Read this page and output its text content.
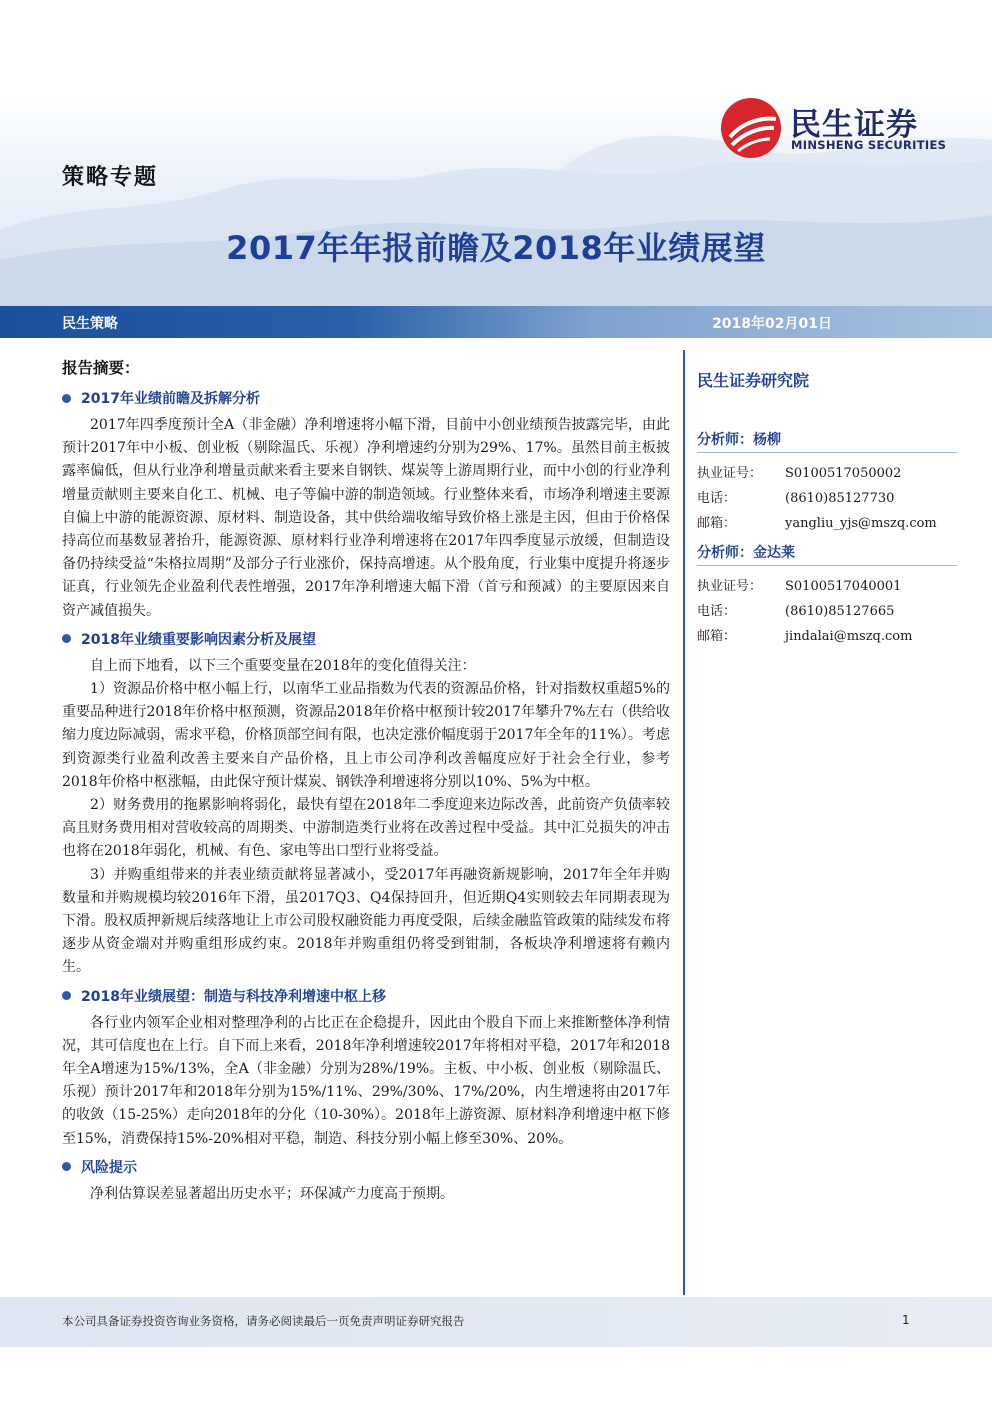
民生证券
MINSHENG SECURITIES
策略专题
2017年年报前瞻及2018年业绩展望
民生策略	2018年02月01日
报告摘要：
2017年业绩前瞻及拆解分析

2017年四季度预计全A（非金融）净利增速将小幅下滑，目前中小创业绩预告披露完毕，由此预计2017年中小板、创业板（剔除温氏、乐视）净利增速约分别为29%、17%。虽然目前主板披露率偏低，但从行业净利增量贡献来看主要来自钢铁、煤炭等上游周期行业，而中小创的行业净利增量贡献则主要来自化工、机械、电子等偏中游的制造领域。行业整体来看，市场净利增速主要源自偏上中游的能源资源、原材料、制造设备，其中供给端收缩导致价格上涨是主因，但由于价格保持高位而基数显著抬升，能源资源、原材料行业净利增速将在2017年四季度显示放缓，但制造设备仍持续受益“朱格拉周期”及部分子行业涨价，保持高增速。从个股角度，行业集中度提升将逐步证真，行业领先企业盈利代表性增强，2017年净利增速大幅下滑（首亏和预减）的主要原因来自资产减值损失。

2018年业绩重要影响因素分析及展望

自上而下地看，以下三个重要变量在2018年的变化值得关注：

1）资源品价格中枢小幅上行，以南华工业品指数为代表的资源品价格，针对指数权重超5%的重要品种进行2018年价格中枢预测，资源品2018年价格中枢预计较2017年攀升7%左右（供给收缩力度边际减弱，需求平稳，价格顶部空间有限，也决定涨价幅度弱于2017年全年的11%）。考虑到资源类行业盈利改善主要来自产品价格，且上市公司净利改善幅度应好于社会全行业，参考2018年价格中枢涨幅，由此保守预计煤炭、钢铁净利增速将分别以10%、5%为中枢。

2）财务费用的拖累影响将弱化，最快有望在2018年二季度迎来边际改善，此前资产负债率较高且财务费用相对营收较高的周期类、中游制造类行业将在改善过程中受益。其中汇兑损失的冲击也将在2018年弱化，机械、有色、家电等出口型行业将受益。

3）并购重组带来的并表业绩贡献将显著减小，受2017年再融资新规影响，2017年全年并购数量和并购规模均较2016年下滑，虽2017Q3、Q4保持回升，但近期Q4实则较去年同期表现为下滑。股权质押新规后续落地让上市公司股权融资能力再度受限，后续金融监管政策的陆续发布将逐步从资金端对并购重组形成约束。2018年并购重组仍将受到钳制，各板块净利增速将有赖内生。

2018年业绩展望：制造与科技净利增速中枢上移

各行业内领军企业相对整理净利的占比正在企稳提升，因此由个股自下而上来推断整体净利情况，其可信度也在上行。自下而上来看，2018年净利增速较2017年将相对平稳，2017年和2018年全A增速为15%/13%，全A（非金融）分别为28%/19%。主板、中小板、创业板（剔除温氏、乐视）预计2017年和2018年分别为15%/11%、29%/30%、17%/20%，内生增速将由2017年的收敛（15-25%）走向2018年的分化（10-30%）。2018年上游资源、原材料净利增速中枢下修至15%，消费保持15%-20%相对平稳，制造、科技分别小幅上修至30%、20%。

风险提示

净利估算误差显著超出历史水平；环保减产力度高于预期。

民生证券研究院
分析师：杨柳
执业证号：	S0100517050002
电话：	(8610)85127730
邮箱：	yangliu_yjs@mszq.com
分析师：金达莱
执业证号：	S0100517040001
电话：	(8610)85127665
邮箱：	jindalai@mszq.com
本公司具备证券投资咨询业务资格，请务必阅读最后一页免责声明证券研究报告	1
